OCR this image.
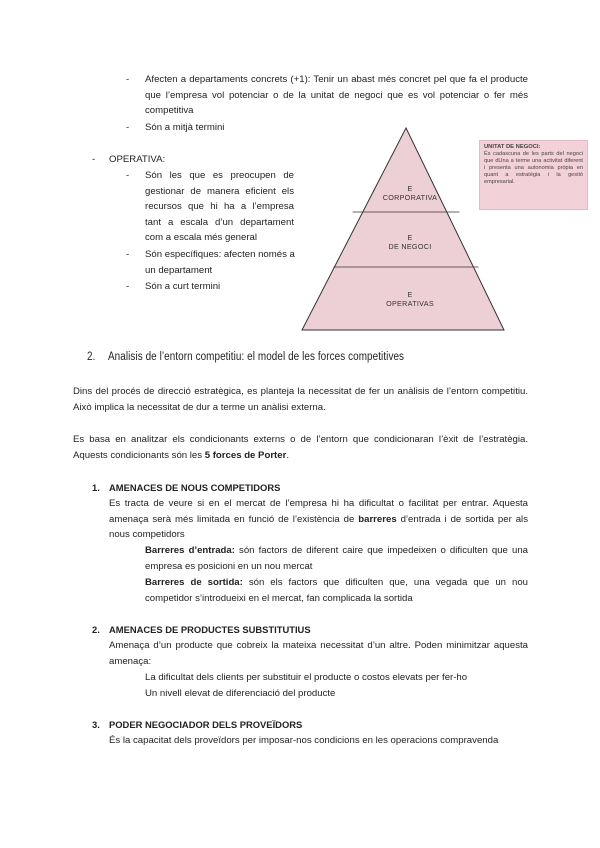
-	Afecten a departaments concrets (+1): Tenir un abast més concret pel que fa el producte que l’empresa vol potenciar o de la unitat de negoci que es vol potenciar o fer més competitiva
-	Són a mitjà termini
-	OPERATIVA:
-	Són les que es preocupen de gestionar de manera eficient els recursos que hi ha a l’empresa tant a escala d’un departament com a escala més general
-	Són específiques: afecten només a un departament
-	Són a curt termini
E
CORPORATIVA
E
DE NEGOCI
E
OPERATIVAS
UNITAT DE NEGOCI:
És cadascuna de les parts del negoci que dUna a terme una activitat diferent i presenta una autonomia pròpia en quant a estratègia i la gestió empresarial.
2. Analisis de l’entorn competitiu: el model de les forces competitives
Dins del procés de direcció estratègica, es planteja la necessitat de fer un anàlisis de l’entorn competitiu. Això implica la necessitat de dur a terme un anàlisi externa.
Es basa en analitzar els condicionants externs o de l’entorn que condicionaran l’èxit de l’estratègia. Aquests condicionants són les 5 forces de Porter.
1. AMENACES DE NOUS COMPETIDORS
Es tracta de veure si en el mercat de l’empresa hi ha dificultat o facilitat per entrar. Aquesta amenaça serà més limitada en funció de l’existència de barreres d’entrada i de sortida per als nous competidors
Barreres d’entrada: són factors de diferent caire que impedeixen o dificulten que una empresa es posicioni en un nou mercat
Barreres de sortida: són els factors que dificulten que, una vegada que un nou competidor s’introdueixi en el mercat, fan complicada la sortida
2. AMENACES DE PRODUCTES SUBSTITUTIUS
Amenaça d’un producte que cobreix la mateixa necessitat d’un altre. Poden minimitzar aquesta amenaça:
La dificultat dels clients per substituir el producte o costos elevats per fer-ho
Un nivell elevat de diferenciació del producte
3. PODER NEGOCIADOR DELS PROVEÏDORS
És la capacitat dels proveïdors per imposar-nos condicions en les operacions compravenda
